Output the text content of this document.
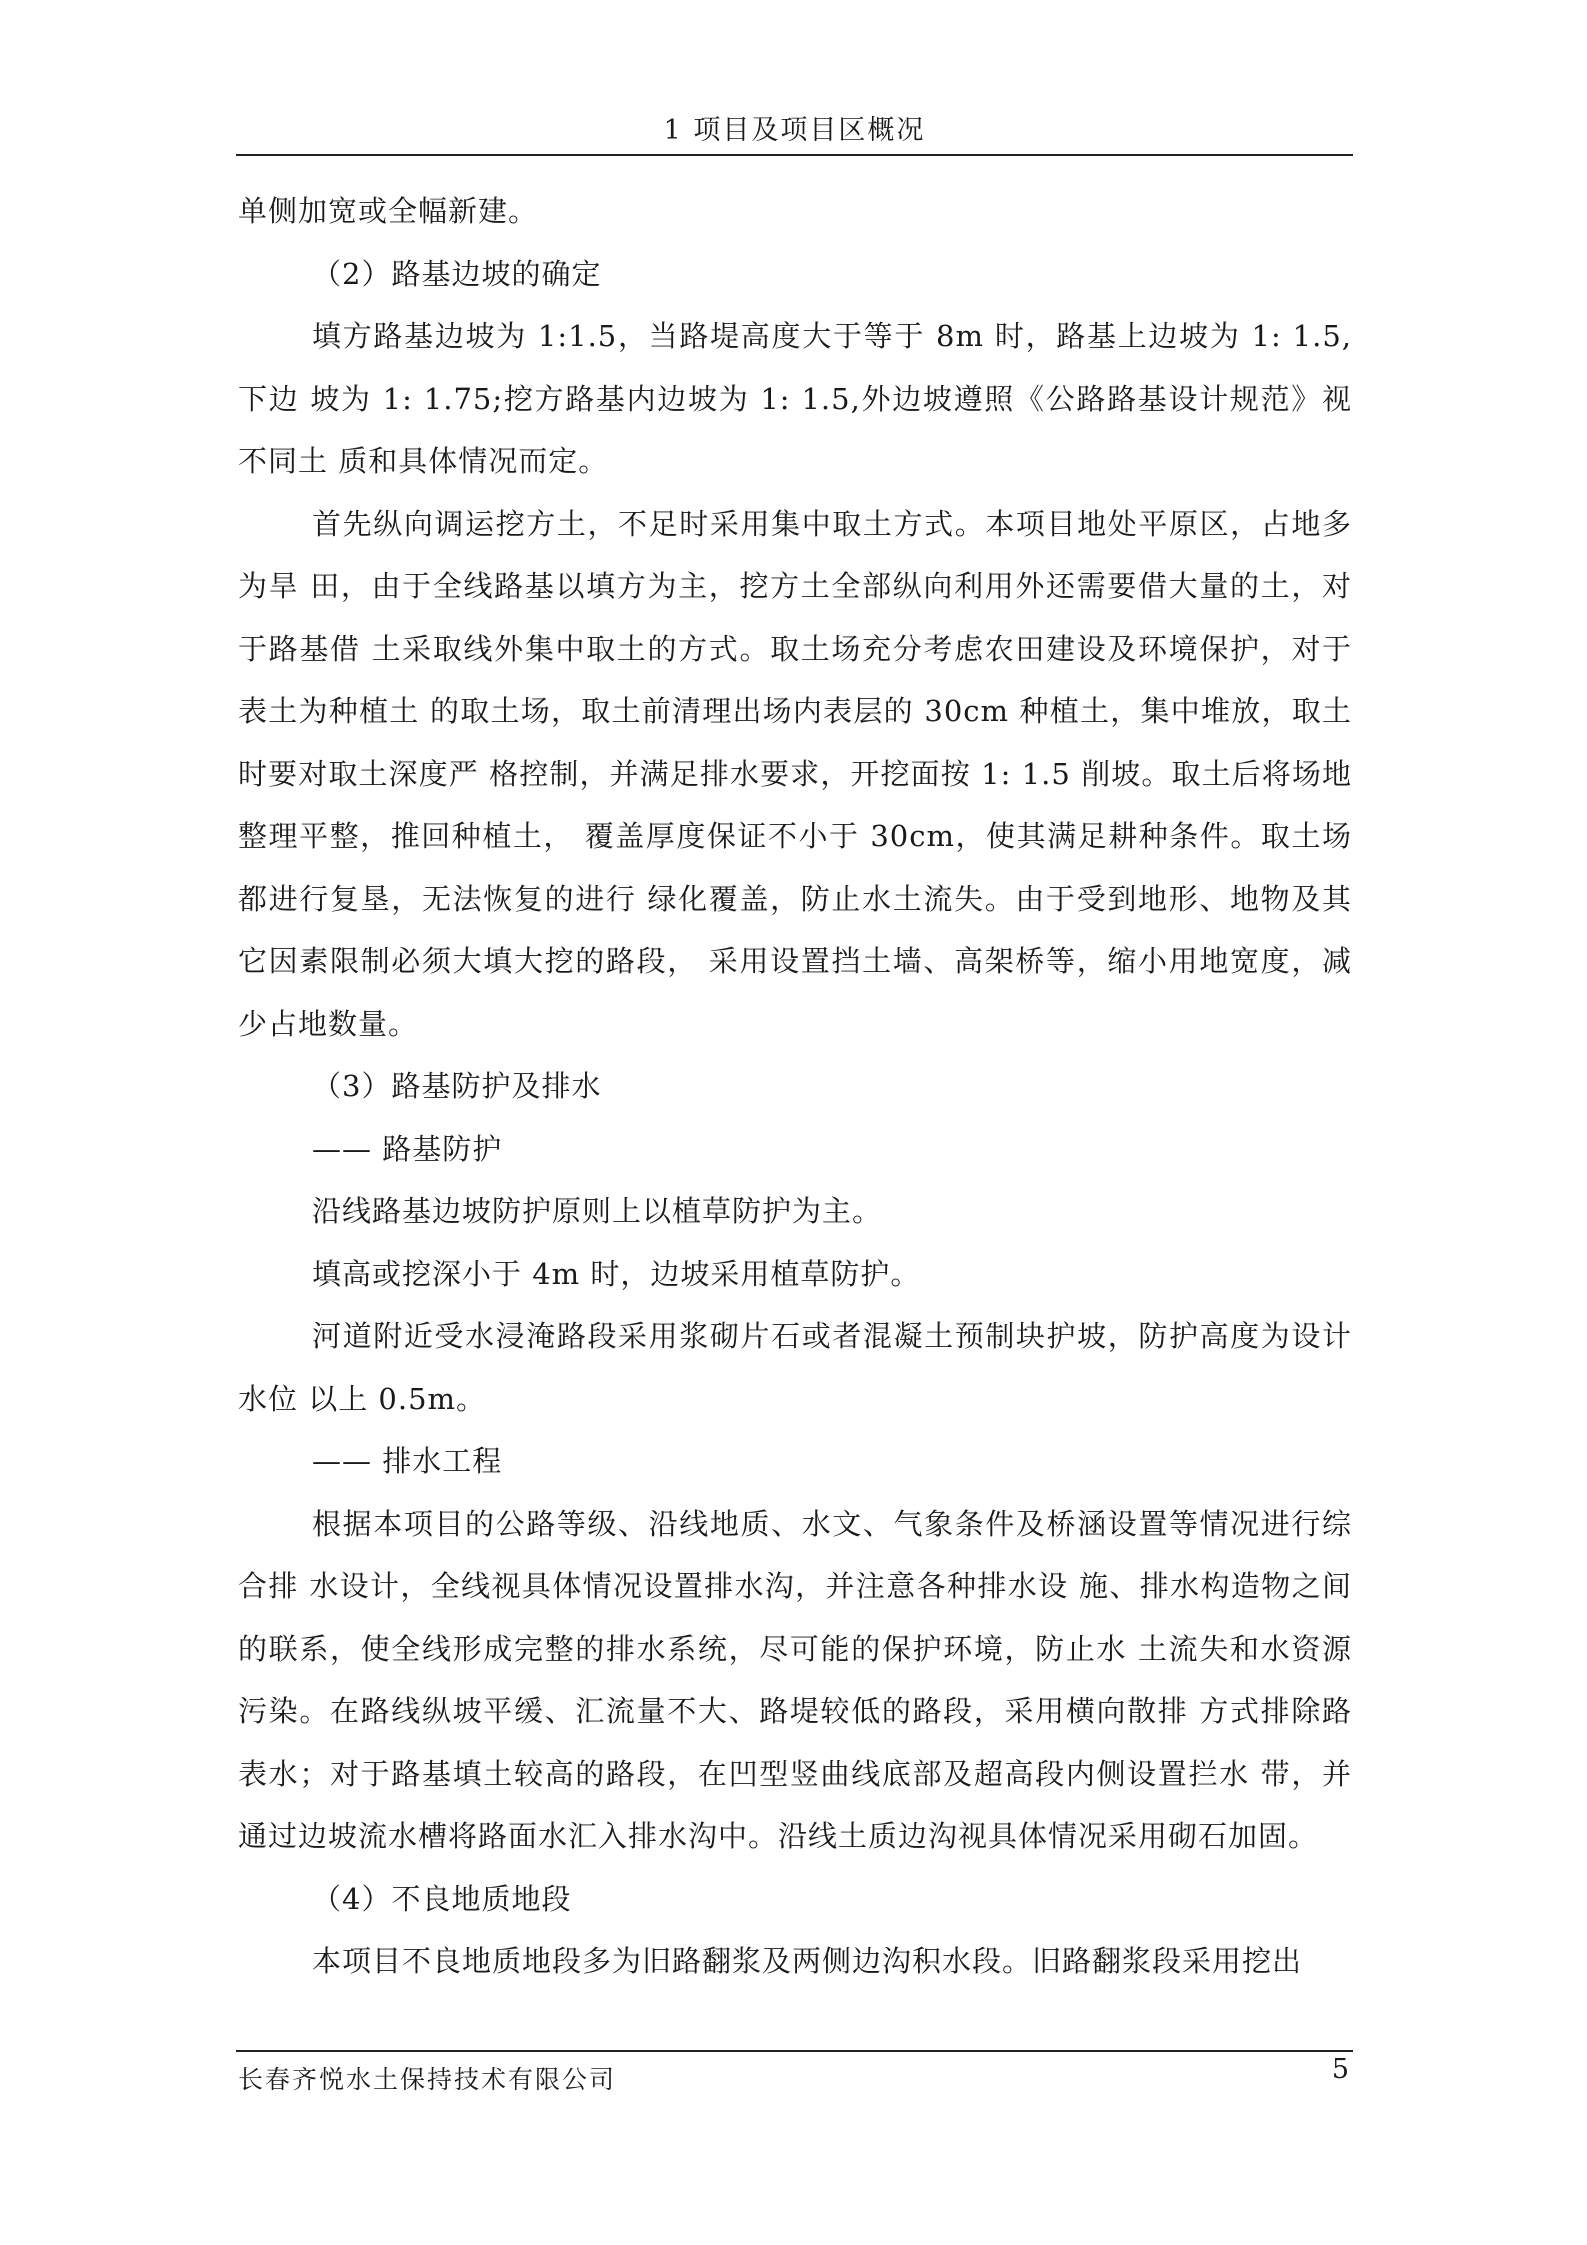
1 项目及项目区概况

单侧加宽或全幅新建。

（2）路基边坡的确定

填方路基边坡为 1:1.5，当路堤高度大于等于 8m 时，路基上边坡为 1: 1.5,下边 坡为 1: 1.75;挖方路基内边坡为 1: 1.5,外边坡遵照《公路路基设计规范》视不同土 质和具体情况而定。

首先纵向调运挖方土，不足时采用集中取土方式。本项目地处平原区，占地多为旱 田，由于全线路基以填方为主，挖方土全部纵向利用外还需要借大量的土，对于路基借 土采取线外集中取土的方式。取土场充分考虑农田建设及环境保护，对于表土为种植土 的取土场，取土前清理出场内表层的 30cm 种植土，集中堆放，取土时要对取土深度严 格控制，并满足排水要求，开挖面按 1: 1.5 削坡。取土后将场地整理平整，推回种植土， 覆盖厚度保证不小于 30cm，使其满足耕种条件。取土场都进行复垦，无法恢复的进行 绿化覆盖，防止水土流失。由于受到地形、地物及其它因素限制必须大填大挖的路段， 采用设置挡土墙、高架桥等，缩小用地宽度，减少占地数量。

（3）路基防护及排水

—— 路基防护

沿线路基边坡防护原则上以植草防护为主。

填高或挖深小于 4m 时，边坡采用植草防护。

河道附近受水浸淹路段采用浆砌片石或者混凝土预制块护坡，防护高度为设计水位 以上 0.5m。

—— 排水工程

根据本项目的公路等级、沿线地质、水文、气象条件及桥涵设置等情况进行综合排 水设计，全线视具体情况设置排水沟，并注意各种排水设 施、排水构造物之间的联系，使全线形成完整的排水系统，尽可能的保护环境，防止水 土流失和水资源污染。在路线纵坡平缓、汇流量不大、路堤较低的路段，采用横向散排 方式排除路表水；对于路基填土较高的路段，在凹型竖曲线底部及超高段内侧设置拦水 带，并通过边坡流水槽将路面水汇入排水沟中。沿线土质边沟视具体情况采用砌石加固。

（4）不良地质地段

本项目不良地质地段多为旧路翻浆及两侧边沟积水段。旧路翻浆段采用挖出

长春齐悦水土保持技术有限公司	5
